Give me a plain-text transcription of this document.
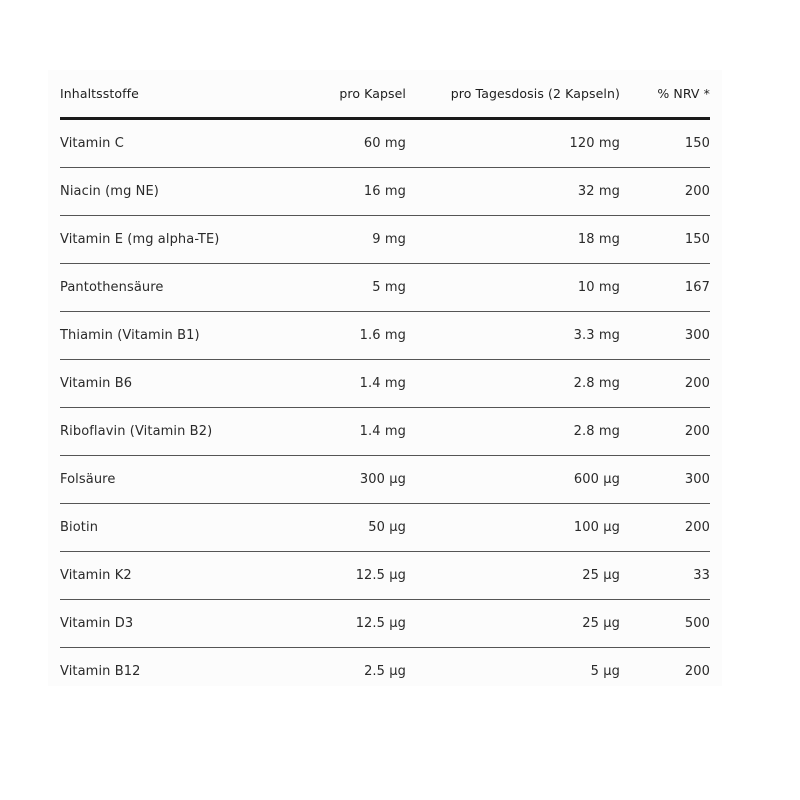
Inhaltsstoffe	pro Kapsel	pro Tagesdosis (2 Kapseln)	% NRV *
Vitamin C	60 mg	120 mg	150
Niacin (mg NE)	16 mg	32 mg	200
Vitamin E (mg alpha-TE)	9 mg	18 mg	150
Pantothensäure	5 mg	10 mg	167
Thiamin (Vitamin B1)	1.6 mg	3.3 mg	300
Vitamin B6	1.4 mg	2.8 mg	200
Riboflavin (Vitamin B2)	1.4 mg	2.8 mg	200
Folsäure	300 µg	600 µg	300
Biotin	50 µg	100 µg	200
Vitamin K2	12.5 µg	25 µg	33
Vitamin D3	12.5 µg	25 µg	500
Vitamin B12	2.5 µg	5 µg	200
